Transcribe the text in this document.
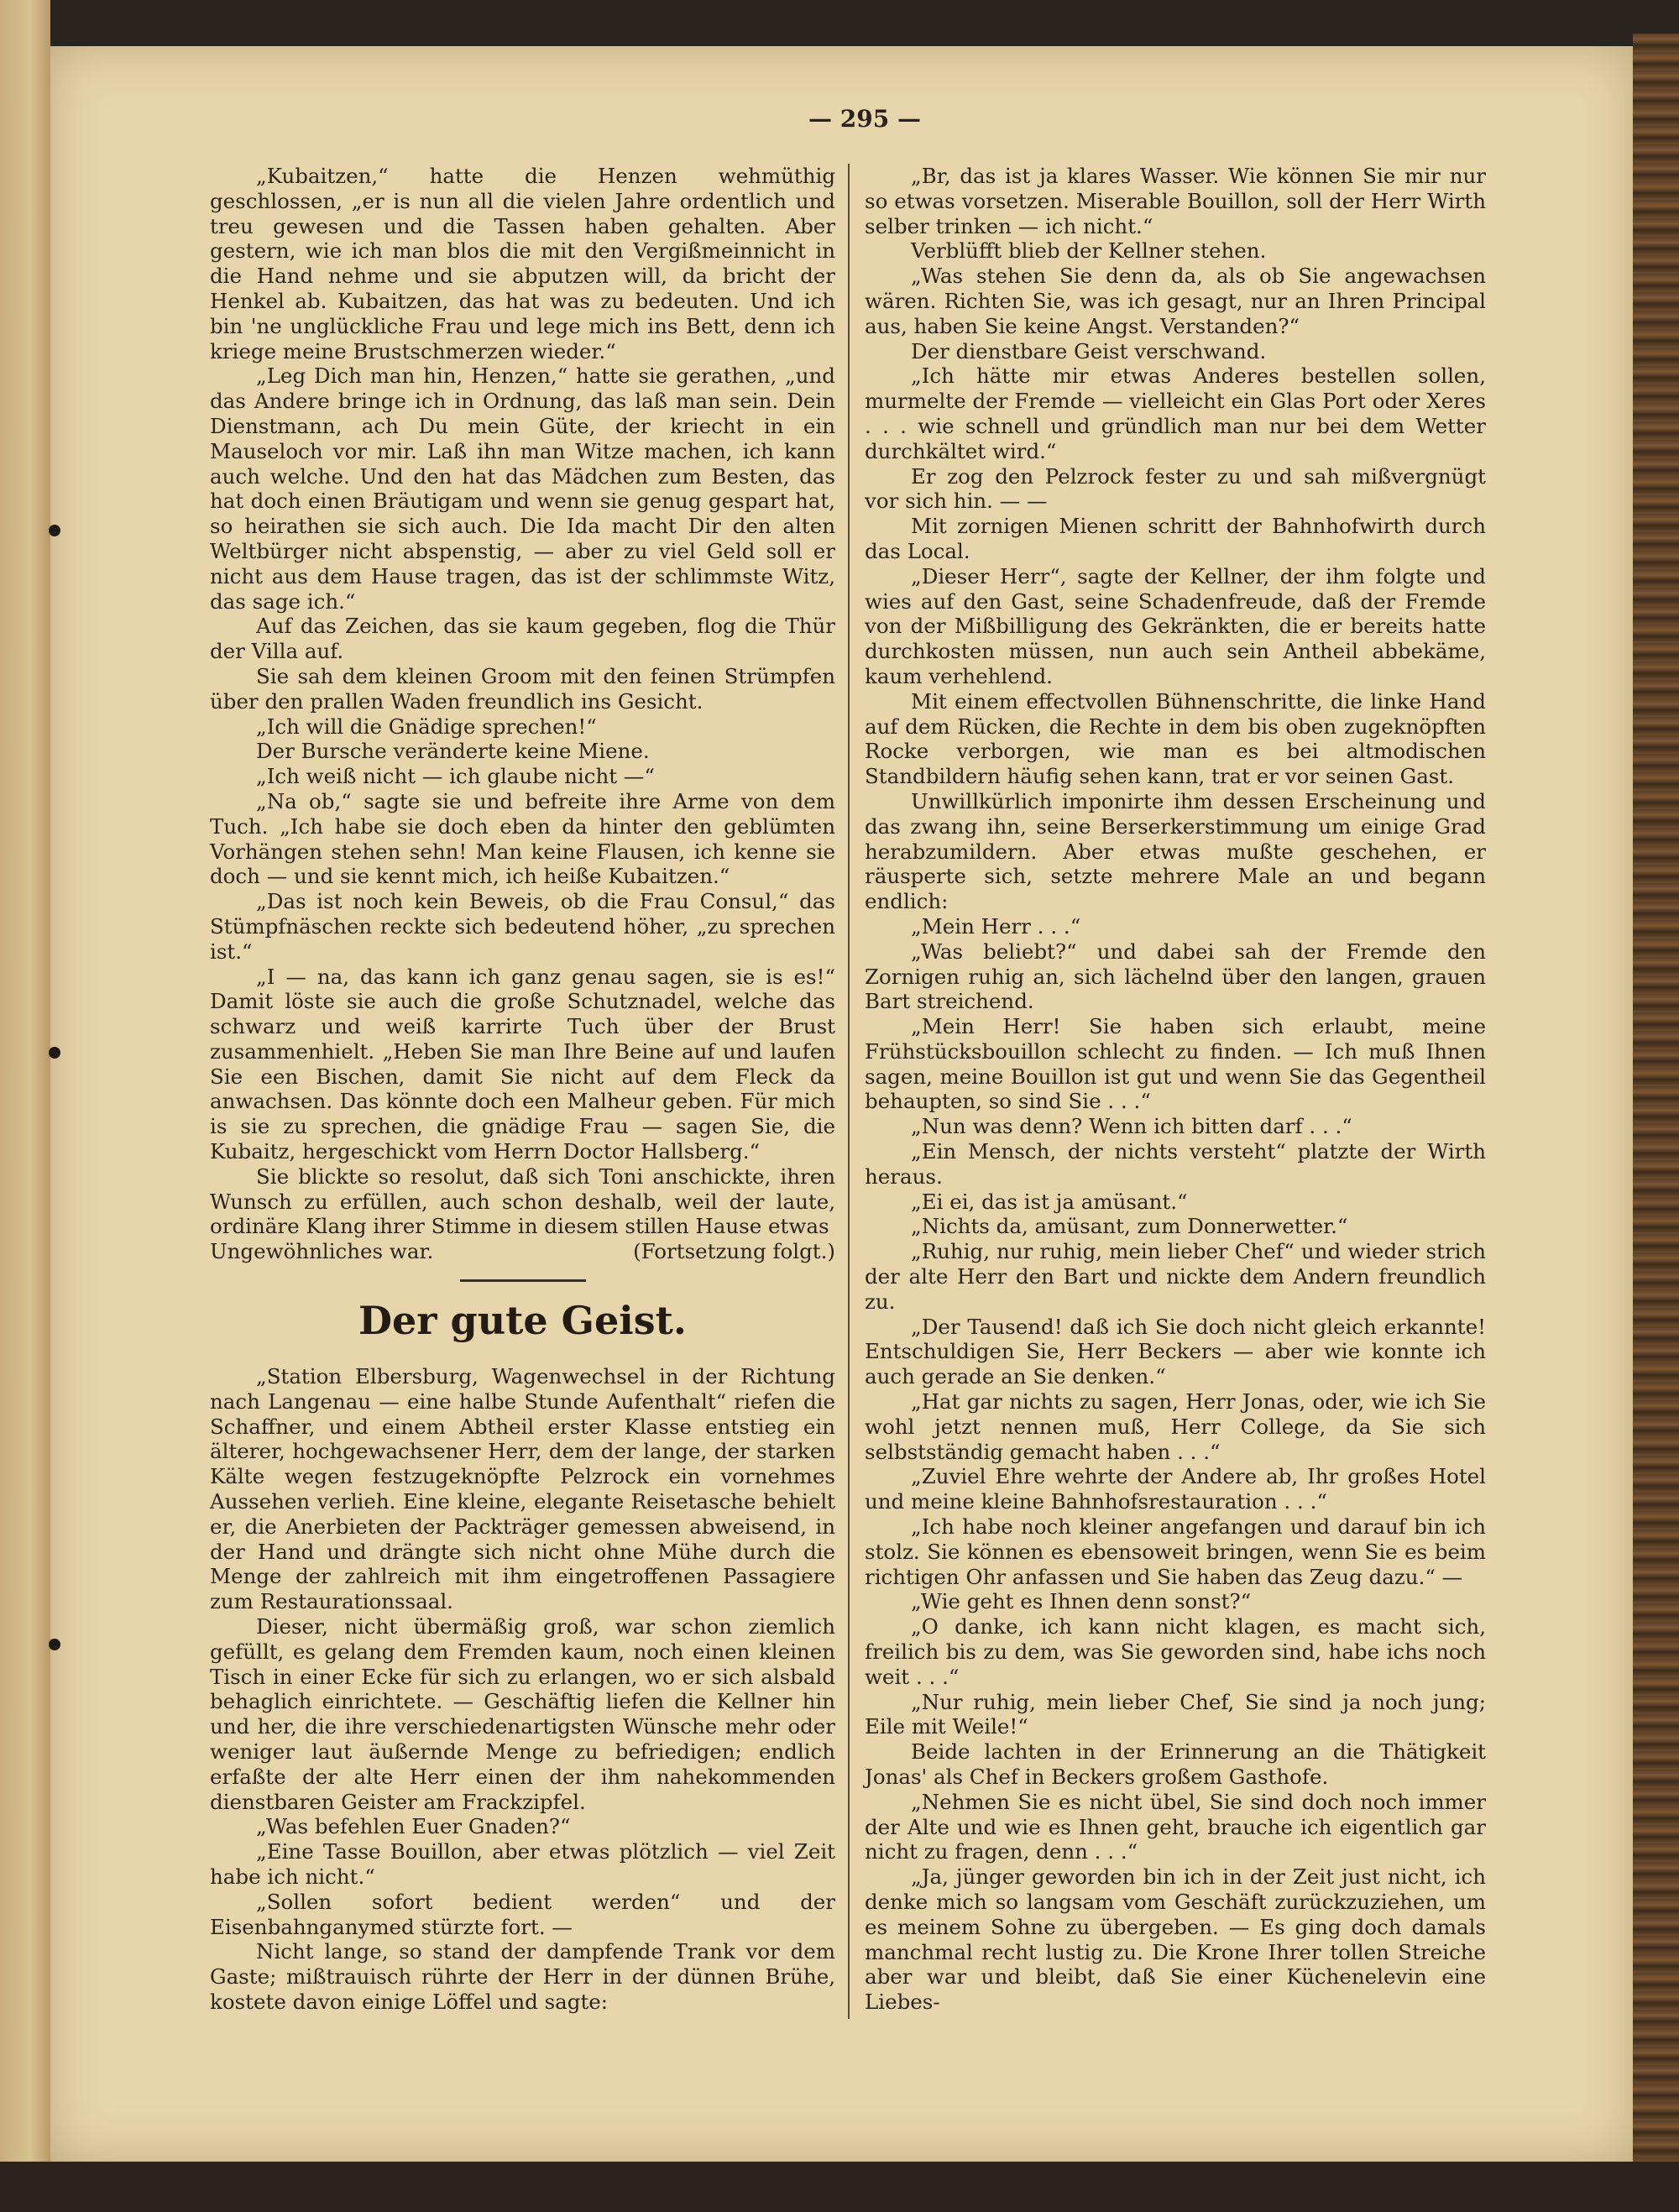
— 295 —

„Kubaitzen,“ hatte die Henzen wehmüthig geschlossen, „er is nun all die vielen Jahre ordentlich und treu gewesen und die Tassen haben gehalten. Aber gestern, wie ich man blos die mit den Vergißmeinnicht in die Hand nehme und sie abputzen will, da bricht der Henkel ab. Kubaitzen, das hat was zu bedeuten. Und ich bin 'ne unglückliche Frau und lege mich ins Bett, denn ich kriege meine Brustschmerzen wieder.“

„Leg Dich man hin, Henzen,“ hatte sie gerathen, „und das Andere bringe ich in Ordnung, das laß man sein. Dein Dienstmann, ach Du mein Güte, der kriecht in ein Mauseloch vor mir. Laß ihn man Witze machen, ich kann auch welche. Und den hat das Mädchen zum Besten, das hat doch einen Bräutigam und wenn sie genug gespart hat, so heirathen sie sich auch. Die Ida macht Dir den alten Weltbürger nicht abspenstig, — aber zu viel Geld soll er nicht aus dem Hause tragen, das ist der schlimmste Witz, das sage ich.“

Auf das Zeichen, das sie kaum gegeben, flog die Thür der Villa auf.

Sie sah dem kleinen Groom mit den feinen Strümpfen über den prallen Waden freundlich ins Gesicht.

„Ich will die Gnädige sprechen!“

Der Bursche veränderte keine Miene.

„Ich weiß nicht — ich glaube nicht —“

„Na ob,“ sagte sie und befreite ihre Arme von dem Tuch. „Ich habe sie doch eben da hinter den geblümten Vorhängen stehen sehn! Man keine Flausen, ich kenne sie doch — und sie kennt mich, ich heiße Kubaitzen.“

„Das ist noch kein Beweis, ob die Frau Consul,“ das Stümpfnäschen reckte sich bedeutend höher, „zu sprechen ist.“

„I — na, das kann ich ganz genau sagen, sie is es!“ Damit löste sie auch die große Schutznadel, welche das schwarz und weiß karrirte Tuch über der Brust zusammenhielt. „Heben Sie man Ihre Beine auf und laufen Sie een Bischen, damit Sie nicht auf dem Fleck da anwachsen. Das könnte doch een Malheur geben. Für mich is sie zu sprechen, die gnädige Frau — sagen Sie, die Kubaitz, hergeschickt vom Herrn Doctor Hallsberg.“

Sie blickte so resolut, daß sich Toni anschickte, ihren Wunsch zu erfüllen, auch schon deshalb, weil der laute, ordinäre Klang ihrer Stimme in diesem stillen Hause etwas

Ungewöhnliches war.	(Fortsetzung folgt.)

Der gute Geist.

„Station Elbersburg, Wagenwechsel in der Richtung nach Langenau — eine halbe Stunde Aufenthalt“ riefen die Schaffner, und einem Abtheil erster Klasse entstieg ein älterer, hochgewachsener Herr, dem der lange, der starken Kälte wegen festzugeknöpfte Pelzrock ein vornehmes Aussehen verlieh. Eine kleine, elegante Reisetasche behielt er, die Anerbieten der Packträger gemessen abweisend, in der Hand und drängte sich nicht ohne Mühe durch die Menge der zahlreich mit ihm eingetroffenen Passagiere zum Restaurationssaal.

Dieser, nicht übermäßig groß, war schon ziemlich gefüllt, es gelang dem Fremden kaum, noch einen kleinen Tisch in einer Ecke für sich zu erlangen, wo er sich alsbald behaglich einrichtete. — Geschäftig liefen die Kellner hin und her, die ihre verschiedenartigsten Wünsche mehr oder weniger laut äußernde Menge zu befriedigen; endlich erfaßte der alte Herr einen der ihm nahekommenden dienstbaren Geister am Frackzipfel.

„Was befehlen Euer Gnaden?“

„Eine Tasse Bouillon, aber etwas plötzlich — viel Zeit habe ich nicht.“

„Sollen sofort bedient werden“ und der Eisenbahnganymed stürzte fort. —

Nicht lange, so stand der dampfende Trank vor dem Gaste; mißtrauisch rührte der Herr in der dünnen Brühe, kostete davon einige Löffel und sagte:

„Br, das ist ja klares Wasser. Wie können Sie mir nur so etwas vorsetzen. Miserable Bouillon, soll der Herr Wirth selber trinken — ich nicht.“

Verblüfft blieb der Kellner stehen.

„Was stehen Sie denn da, als ob Sie angewachsen wären. Richten Sie, was ich gesagt, nur an Ihren Principal aus, haben Sie keine Angst. Verstanden?“

Der dienstbare Geist verschwand.

„Ich hätte mir etwas Anderes bestellen sollen, murmelte der Fremde — vielleicht ein Glas Port oder Xeres . . . wie schnell und gründlich man nur bei dem Wetter durchkältet wird.“

Er zog den Pelzrock fester zu und sah mißvergnügt vor sich hin. — —

Mit zornigen Mienen schritt der Bahnhofwirth durch das Local.

„Dieser Herr“, sagte der Kellner, der ihm folgte und wies auf den Gast, seine Schadenfreude, daß der Fremde von der Mißbilligung des Gekränkten, die er bereits hatte durchkosten müssen, nun auch sein Antheil abbekäme, kaum verhehlend.

Mit einem effectvollen Bühnenschritte, die linke Hand auf dem Rücken, die Rechte in dem bis oben zugeknöpften Rocke verborgen, wie man es bei altmodischen Standbildern häufig sehen kann, trat er vor seinen Gast.

Unwillkürlich imponirte ihm dessen Erscheinung und das zwang ihn, seine Berserkerstimmung um einige Grad herabzumildern. Aber etwas mußte geschehen, er räusperte sich, setzte mehrere Male an und begann endlich:

„Mein Herr . . .“

„Was beliebt?“ und dabei sah der Fremde den Zornigen ruhig an, sich lächelnd über den langen, grauen Bart streichend.

„Mein Herr! Sie haben sich erlaubt, meine Frühstücksbouillon schlecht zu finden. — Ich muß Ihnen sagen, meine Bouillon ist gut und wenn Sie das Gegentheil behaupten, so sind Sie . . .“

„Nun was denn? Wenn ich bitten darf . . .“

„Ein Mensch, der nichts versteht“ platzte der Wirth heraus.

„Ei ei, das ist ja amüsant.“

„Nichts da, amüsant, zum Donnerwetter.“

„Ruhig, nur ruhig, mein lieber Chef“ und wieder strich der alte Herr den Bart und nickte dem Andern freundlich zu.

„Der Tausend! daß ich Sie doch nicht gleich erkannte! Entschuldigen Sie, Herr Beckers — aber wie konnte ich auch gerade an Sie denken.“

„Hat gar nichts zu sagen, Herr Jonas, oder, wie ich Sie wohl jetzt nennen muß, Herr College, da Sie sich selbstständig gemacht haben . . .“

„Zuviel Ehre wehrte der Andere ab, Ihr großes Hotel und meine kleine Bahnhofsrestauration . . .“

„Ich habe noch kleiner angefangen und darauf bin ich stolz. Sie können es ebensoweit bringen, wenn Sie es beim richtigen Ohr anfassen und Sie haben das Zeug dazu.“ —

„Wie geht es Ihnen denn sonst?“

„O danke, ich kann nicht klagen, es macht sich, freilich bis zu dem, was Sie geworden sind, habe ichs noch weit . . .“

„Nur ruhig, mein lieber Chef, Sie sind ja noch jung; Eile mit Weile!“

Beide lachten in der Erinnerung an die Thätigkeit Jonas' als Chef in Beckers großem Gasthofe.

„Nehmen Sie es nicht übel, Sie sind doch noch immer der Alte und wie es Ihnen geht, brauche ich eigentlich gar nicht zu fragen, denn . . .“

„Ja, jünger geworden bin ich in der Zeit just nicht, ich denke mich so langsam vom Geschäft zurückzuziehen, um es meinem Sohne zu übergeben. — Es ging doch damals manchmal recht lustig zu. Die Krone Ihrer tollen Streiche aber war und bleibt, daß Sie einer Küchenelevin eine Liebes-
